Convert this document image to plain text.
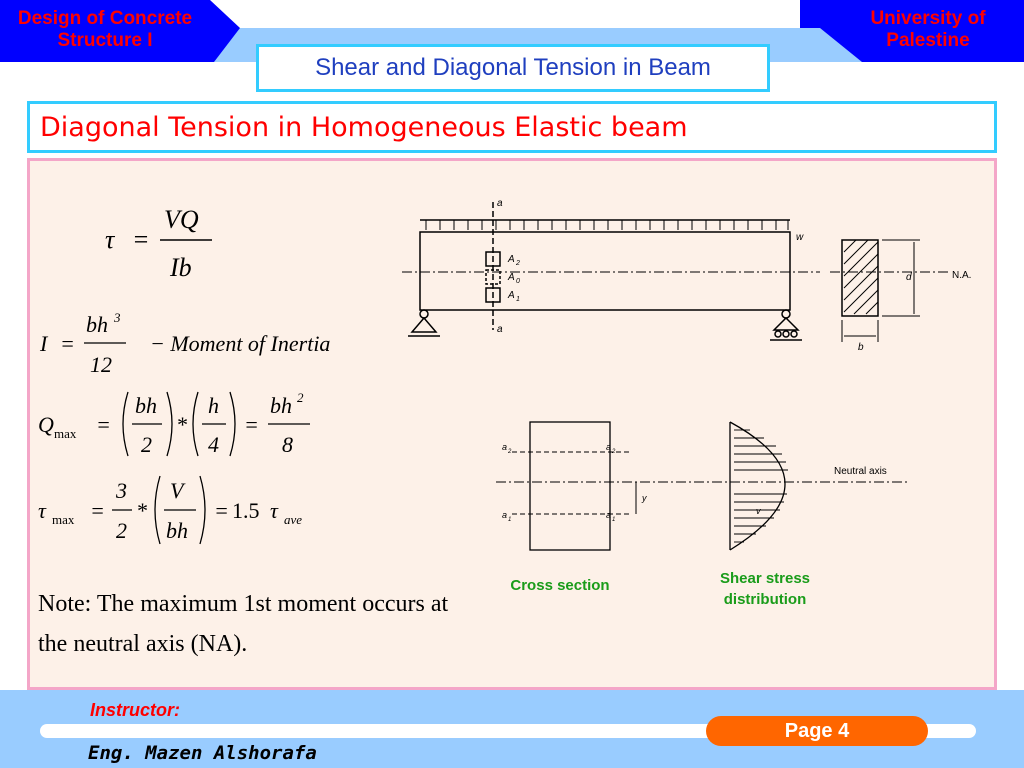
Design of Concrete Structure I
University of Palestine
Shear and Diagonal Tension in Beam
Diagonal Tension in Homogeneous Elastic beam
τ =
VQ
Ib
I =
bh 3
12
− Moment of Inertia
Q max =
bh
2
*
h
4
=
bh 2
8
τ max =
3
2
*
V
bh
= 1.5 τ ave
Note: The maximum 1st moment occurs at the neutral axis (NA).
a
a
A 2
A 0
A 1
w
d	N.A.
b
a 2	a 2
a 1	a 1
y
v
Neutral axis
Cross section	Shear stress distribution
Instructor:
Eng. Mazen Alshorafa
Page 4
